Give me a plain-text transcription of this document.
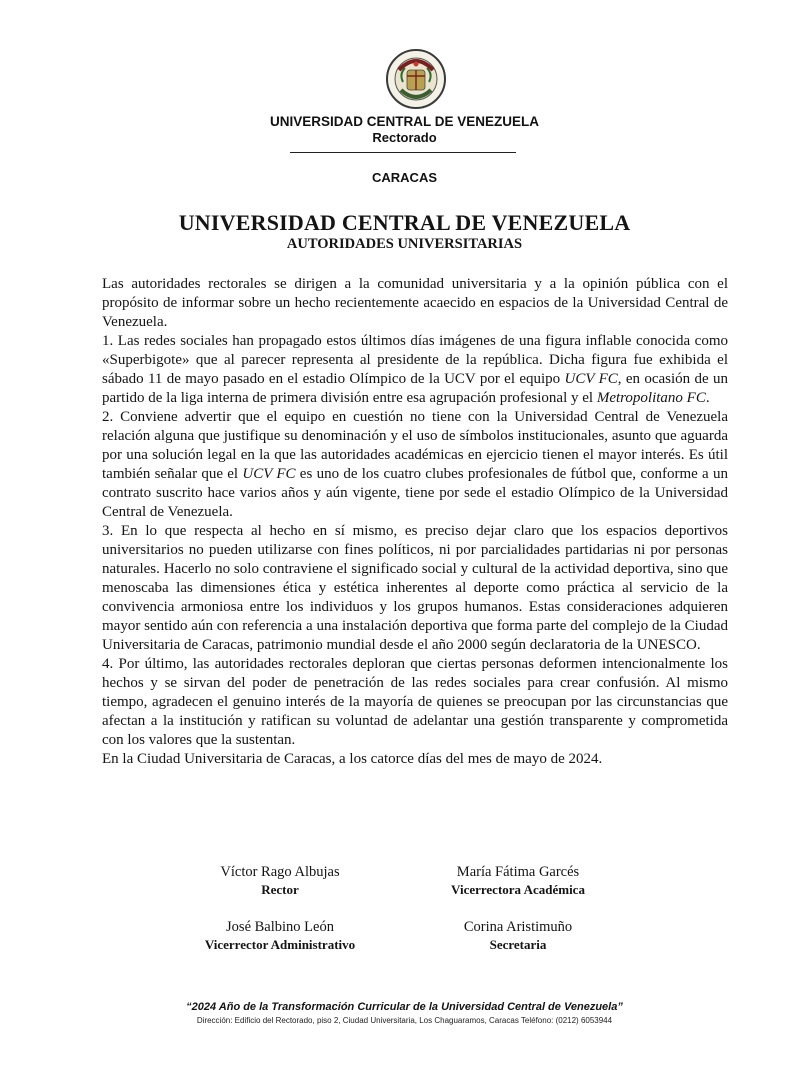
UNIVERSIDAD CENTRAL DE VENEZUELA
Rectorado
CARACAS
UNIVERSIDAD CENTRAL DE VENEZUELA
AUTORIDADES UNIVERSITARIAS

Las autoridades rectorales se dirigen a la comunidad universitaria y a la opinión pública con el propósito de informar sobre un hecho recientemente acaecido en espacios de la Universidad Central de Venezuela.

1. Las redes sociales han propagado estos últimos días imágenes de una figura inflable conocida como «Superbigote» que al parecer representa al presidente de la república. Dicha figura fue exhibida el sábado 11 de mayo pasado en el estadio Olímpico de la UCV por el equipo UCV FC, en ocasión de un partido de la liga interna de primera división entre esa agrupación profesional y el Metropolitano FC.

2. Conviene advertir que el equipo en cuestión no tiene con la Universidad Central de Venezuela relación alguna que justifique su denominación y el uso de símbolos institucionales, asunto que aguarda por una solución legal en la que las autoridades académicas en ejercicio tienen el mayor interés. Es útil también señalar que el UCV FC es uno de los cuatro clubes profesionales de fútbol que, conforme a un contrato suscrito hace varios años y aún vigente, tiene por sede el estadio Olímpico de la Universidad Central de Venezuela.

3. En lo que respecta al hecho en sí mismo, es preciso dejar claro que los espacios deportivos universitarios no pueden utilizarse con fines políticos, ni por parcialidades partidarias ni por personas naturales. Hacerlo no solo contraviene el significado social y cultural de la actividad deportiva, sino que menoscaba las dimensiones ética y estética inherentes al deporte como práctica al servicio de la convivencia armoniosa entre los individuos y los grupos humanos. Estas consideraciones adquieren mayor sentido aún con referencia a una instalación deportiva que forma parte del complejo de la Ciudad Universitaria de Caracas, patrimonio mundial desde el año 2000 según declaratoria de la UNESCO.

4. Por último, las autoridades rectorales deploran que ciertas personas deformen intencionalmente los hechos y se sirvan del poder de penetración de las redes sociales para crear confusión. Al mismo tiempo, agradecen el genuino interés de la mayoría de quienes se preocupan por las circunstancias que afectan a la institución y ratifican su voluntad de adelantar una gestión transparente y comprometida con los valores que la sustentan.

En la Ciudad Universitaria de Caracas, a los catorce días del mes de mayo de 2024.

Víctor Rago Albujas
Rector
María Fátima Garcés
Vicerrectora Académica
José Balbino León
Vicerrector Administrativo
Corina Aristimuño
Secretaria
“2024 Año de la Transformación Curricular de la Universidad Central de Venezuela”
Dirección: Edificio del Rectorado, piso 2, Ciudad Universitaria, Los Chaguaramos, Caracas Teléfono: (0212) 6053944
